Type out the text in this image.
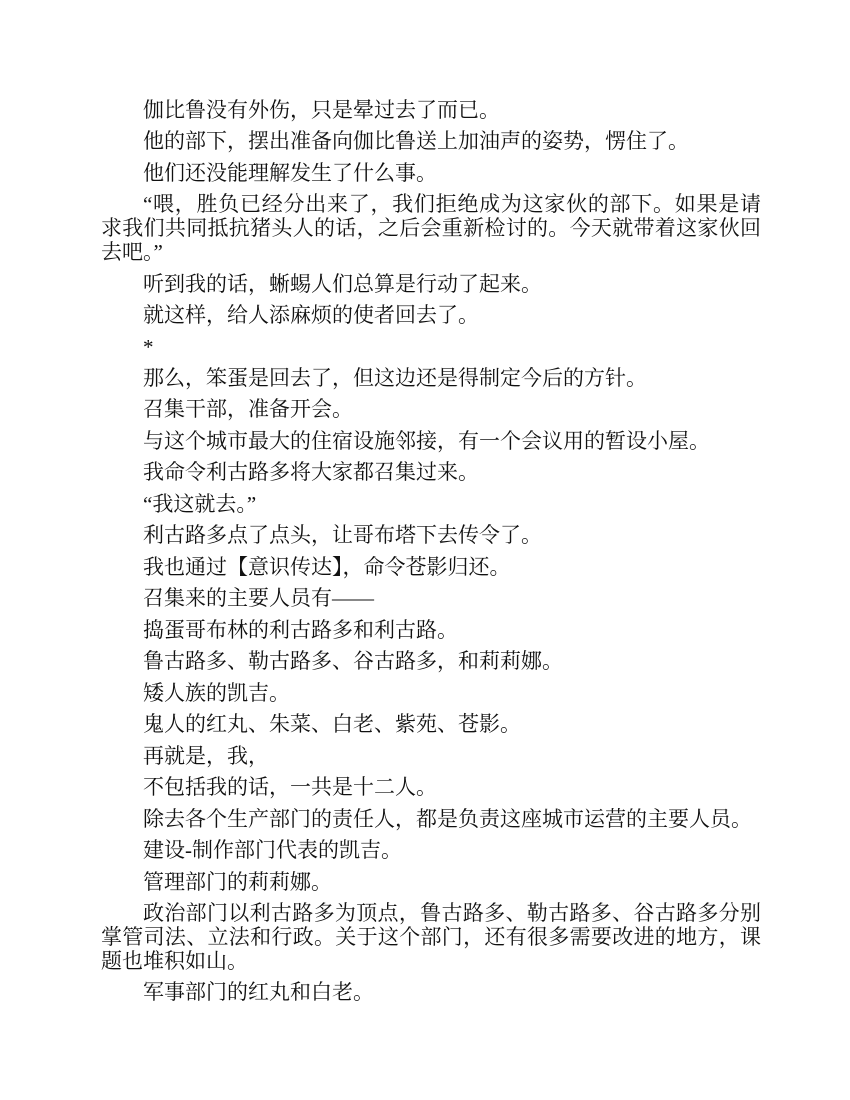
伽比鲁没有外伤，只是晕过去了而已。

他的部下，摆出准备向伽比鲁送上加油声的姿势，愣住了。

他们还没能理解发生了什么事。

“喂，胜负已经分出来了，我们拒绝成为这家伙的部下。如果是请求我们共同抵抗猪头人的话，之后会重新检讨的。今天就带着这家伙回去吧。”

听到我的话，蜥蜴人们总算是行动了起来。

就这样，给人添麻烦的使者回去了。

*

那么，笨蛋是回去了，但这边还是得制定今后的方针。

召集干部，准备开会。

与这个城市最大的住宿设施邻接，有一个会议用的暂设小屋。

我命令利古路多将大家都召集过来。

“我这就去。”

利古路多点了点头，让哥布塔下去传令了。

我也通过【意识传达】，命令苍影归还。

召集来的主要人员有——

捣蛋哥布林的利古路多和利古路。

鲁古路多、勒古路多、谷古路多，和莉莉娜。

矮人族的凯吉。

鬼人的红丸、朱菜、白老、紫苑、苍影。

再就是，我，

不包括我的话，一共是十二人。

除去各个生产部门的责任人，都是负责这座城市运营的主要人员。

建设-制作部门代表的凯吉。

管理部门的莉莉娜。

政治部门以利古路多为顶点，鲁古路多、勒古路多、谷古路多分别掌管司法、立法和行政。关于这个部门，还有很多需要改进的地方，课题也堆积如山。

军事部门的红丸和白老。
